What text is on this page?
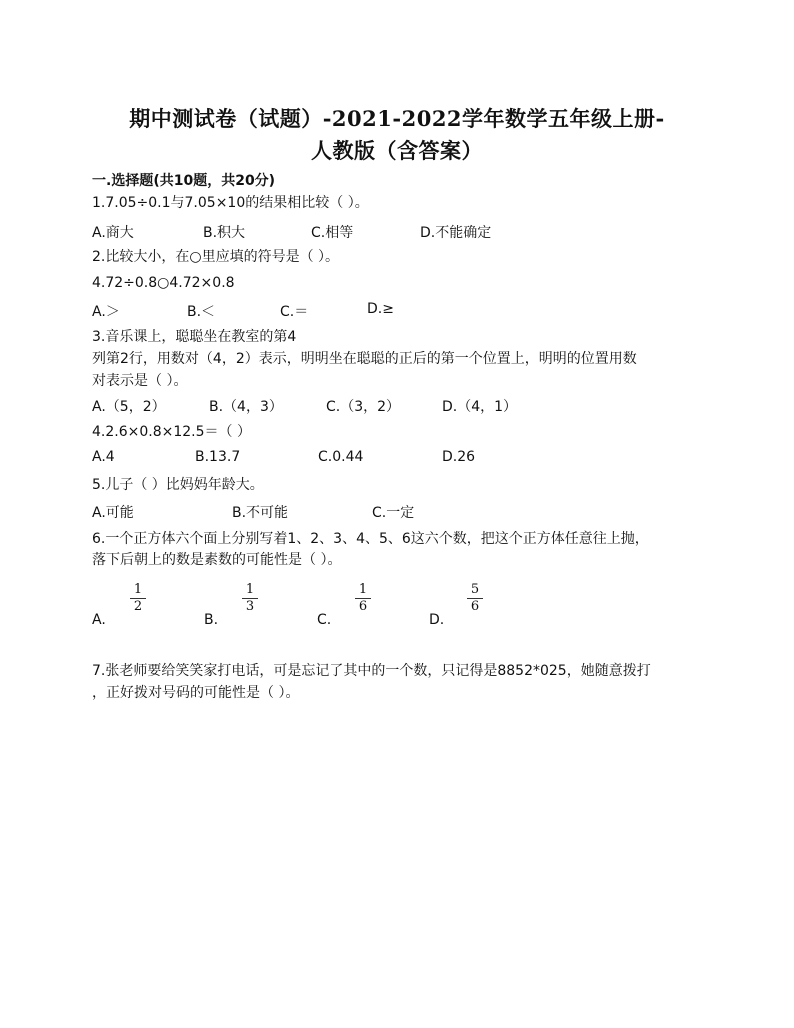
期中测试卷（试题）-2021-2022学年数学五年级上册-
人教版（含答案）
一.选择题(共10题，共20分)
1.7.05÷0.1与7.05×10的结果相比较（ ）。
A.商大	B.积大	C.相等	D.不能确定
2.比较大小，在○里应填的符号是（ ）。
4.72÷0.8○4.72×0.8
A.＞	B.＜	C.＝	D.≥
3.音乐课上，聪聪坐在教室的第4
列第2行，用数对（4，2）表示，明明坐在聪聪的正后的第一个位置上，明明的位置用数
对表示是（ ）。
A.（5，2）	B.（4，3）	C.（3，2）	D.（4，1）
4.2.6×0.8×12.5＝（ ）
A.4	B.13.7	C.0.44	D.26
5.儿子（ ）比妈妈年龄大。
A.可能	B.不可能	C.一定
6.一个正方体六个面上分别写着1、2、3、4、5、6这六个数，把这个正方体任意往上抛，
落下后朝上的数是素数的可能性是（ ）。
1
2
1
3
1
6
5
6
A.	B.	C.	D.
7.张老师要给笑笑家打电话，可是忘记了其中的一个数，只记得是8852*025，她随意拨打
，正好拨对号码的可能性是（ ）。
